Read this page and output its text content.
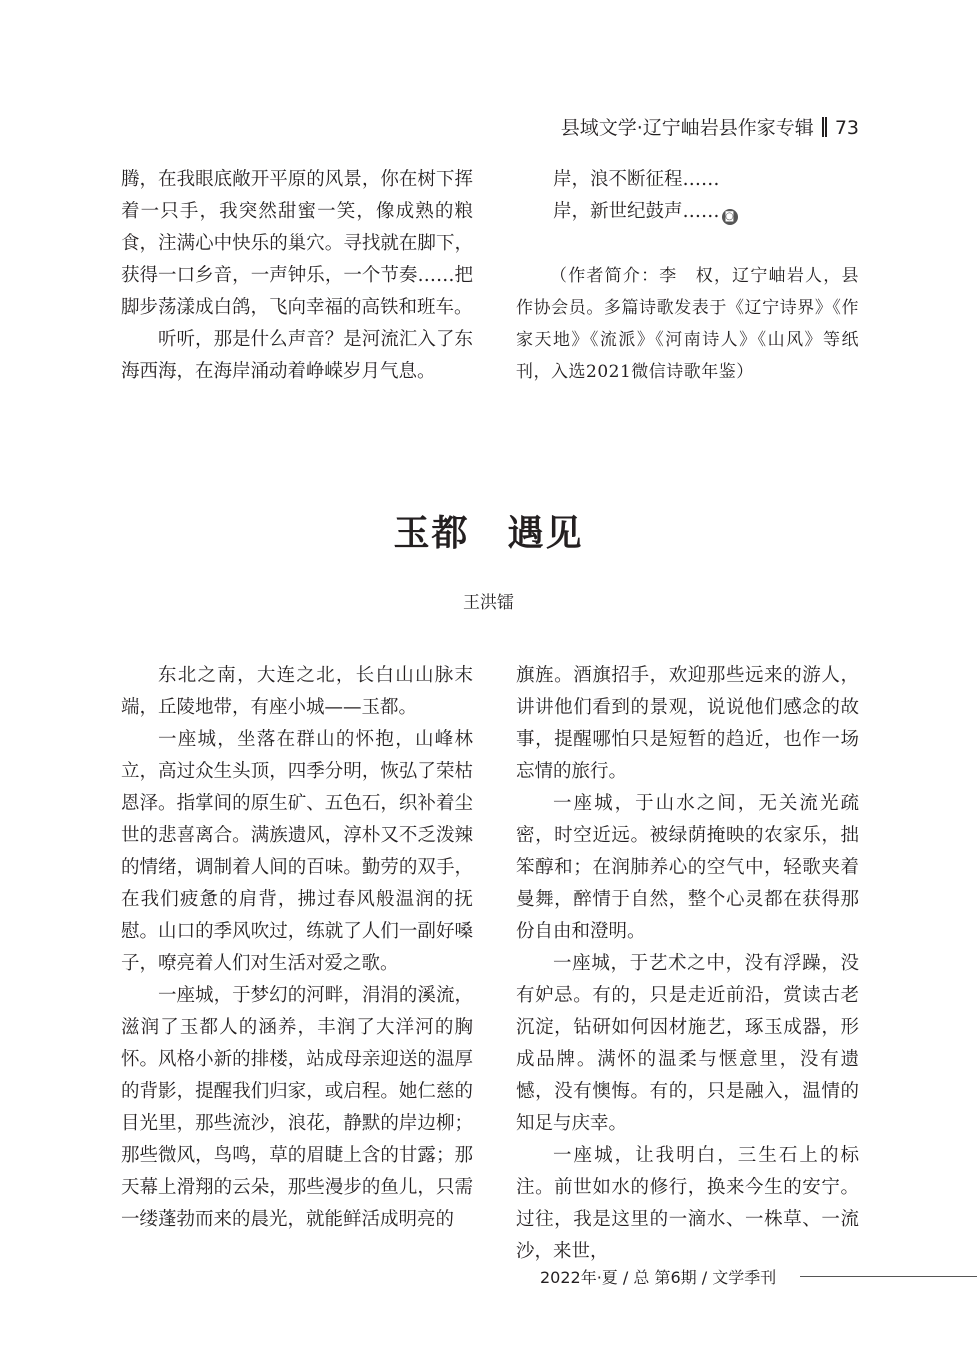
县域文学·辽宁岫岩县作家专辑 73

腾，在我眼底敞开平原的风景，你在树下挥着一只手，我突然甜蜜一笑，像成熟的粮食，注满心中快乐的巢穴。寻找就在脚下，获得一口乡音，一声钟乐，一个节奏……把脚步荡漾成白鸽，飞向幸福的高铁和班车。

听听，那是什么声音？是河流汇入了东海西海，在海岸涌动着峥嵘岁月气息。

岸，浪不断征程……

岸，新世纪鼓声…… ◙

（作者简介：李　权，辽宁岫岩人，县作协会员。多篇诗歌发表于《辽宁诗界》《作家天地》《流派》《河南诗人》《山风》等纸刊，入选2021微信诗歌年鉴）

玉都　遇见
王洪镭

东北之南，大连之北，长白山山脉末端，丘陵地带，有座小城——玉都。

一座城，坐落在群山的怀抱，山峰林立，高过众生头顶，四季分明，恢弘了荣枯恩泽。指掌间的原生矿、五色石，织补着尘世的悲喜离合。满族遗风，淳朴又不乏泼辣的情绪，调制着人间的百味。勤劳的双手，在我们疲惫的肩背，拂过春风般温润的抚慰。山口的季风吹过，练就了人们一副好嗓子，嘹亮着人们对生活对爱之歌。

一座城，于梦幻的河畔，涓涓的溪流，滋润了玉都人的涵养，丰润了大洋河的胸怀。风格小新的排楼，站成母亲迎送的温厚的背影，提醒我们归家，或启程。她仁慈的目光里，那些流沙，浪花，静默的岸边柳；那些微风，鸟鸣，草的眉睫上含的甘露；那天幕上滑翔的云朵，那些漫步的鱼儿，只需一缕蓬勃而来的晨光，就能鲜活成明亮的

旗旌。酒旗招手，欢迎那些远来的游人，讲讲他们看到的景观，说说他们感念的故事，提醒哪怕只是短暂的趋近，也作一场忘情的旅行。

一座城，于山水之间，无关流光疏密，时空近远。被绿荫掩映的农家乐，拙笨醇和；在润肺养心的空气中，轻歌夹着曼舞，醉情于自然，整个心灵都在获得那份自由和澄明。

一座城，于艺术之中，没有浮躁，没有妒忌。有的，只是走近前沿，赏读古老沉淀，钻研如何因材施艺，琢玉成器，形成品牌。满怀的温柔与惬意里，没有遗憾，没有懊悔。有的，只是融入，温情的知足与庆幸。

一座城，让我明白，三生石上的标注。前世如水的修行，换来今生的安宁。过往，我是这里的一滴水、一株草、一流沙，来世，

2022年·夏 / 总 第6期 / 文学季刊
